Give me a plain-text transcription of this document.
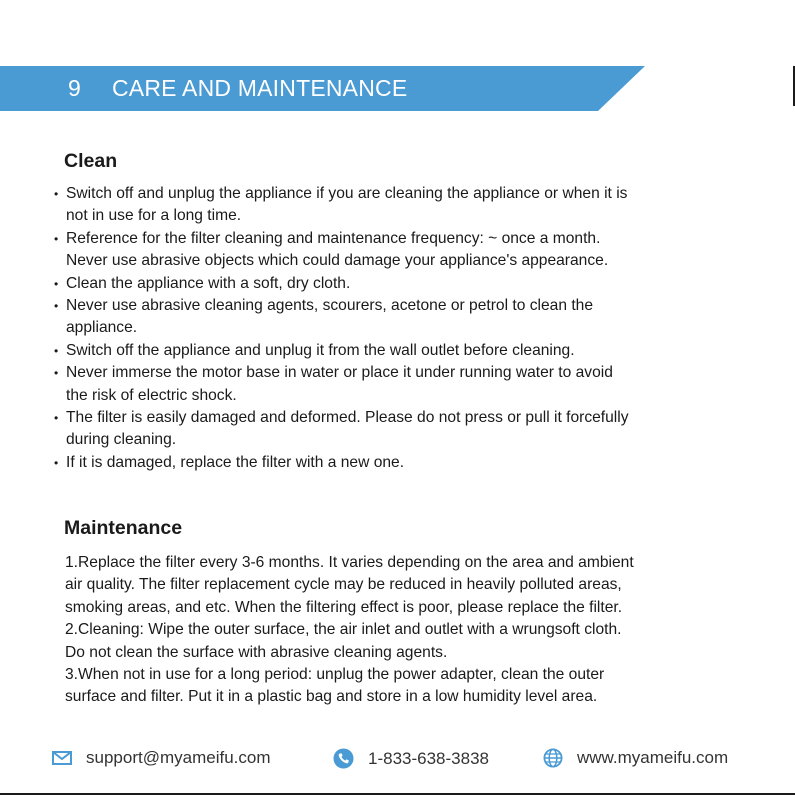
9 CARE AND MAINTENANCE
Clean
• Switch off and unplug the appliance if you are cleaning the appliance or when it is
not in use for a long time.
• Reference for the filter cleaning and maintenance frequency: ~ once a month.
Never use abrasive objects which could damage your appliance's appearance.
• Clean the appliance with a soft, dry cloth.
• Never use abrasive cleaning agents, scourers, acetone or petrol to clean the
appliance.
• Switch off the appliance and unplug it from the wall outlet before cleaning.
• Never immerse the motor base in water or place it under running water to avoid
the risk of electric shock.
• The filter is easily damaged and deformed. Please do not press or pull it forcefully
during cleaning.
• If it is damaged, replace the filter with a new one.
Maintenance

1.Replace the filter every 3-6 months. It varies depending on the area and ambient

air quality. The filter replacement cycle may be reduced in heavily polluted areas,

smoking areas, and etc. When the filtering effect is poor, please replace the filter.

2.Cleaning: Wipe the outer surface, the air inlet and outlet with a wrungsoft cloth.

Do not clean the surface with abrasive cleaning agents.

3.When not in use for a long period: unplug the power adapter, clean the outer

surface and filter. Put it in a plastic bag and store in a low humidity level area.

support@myameifu.com	1-833-638-3838	www.myameifu.com
